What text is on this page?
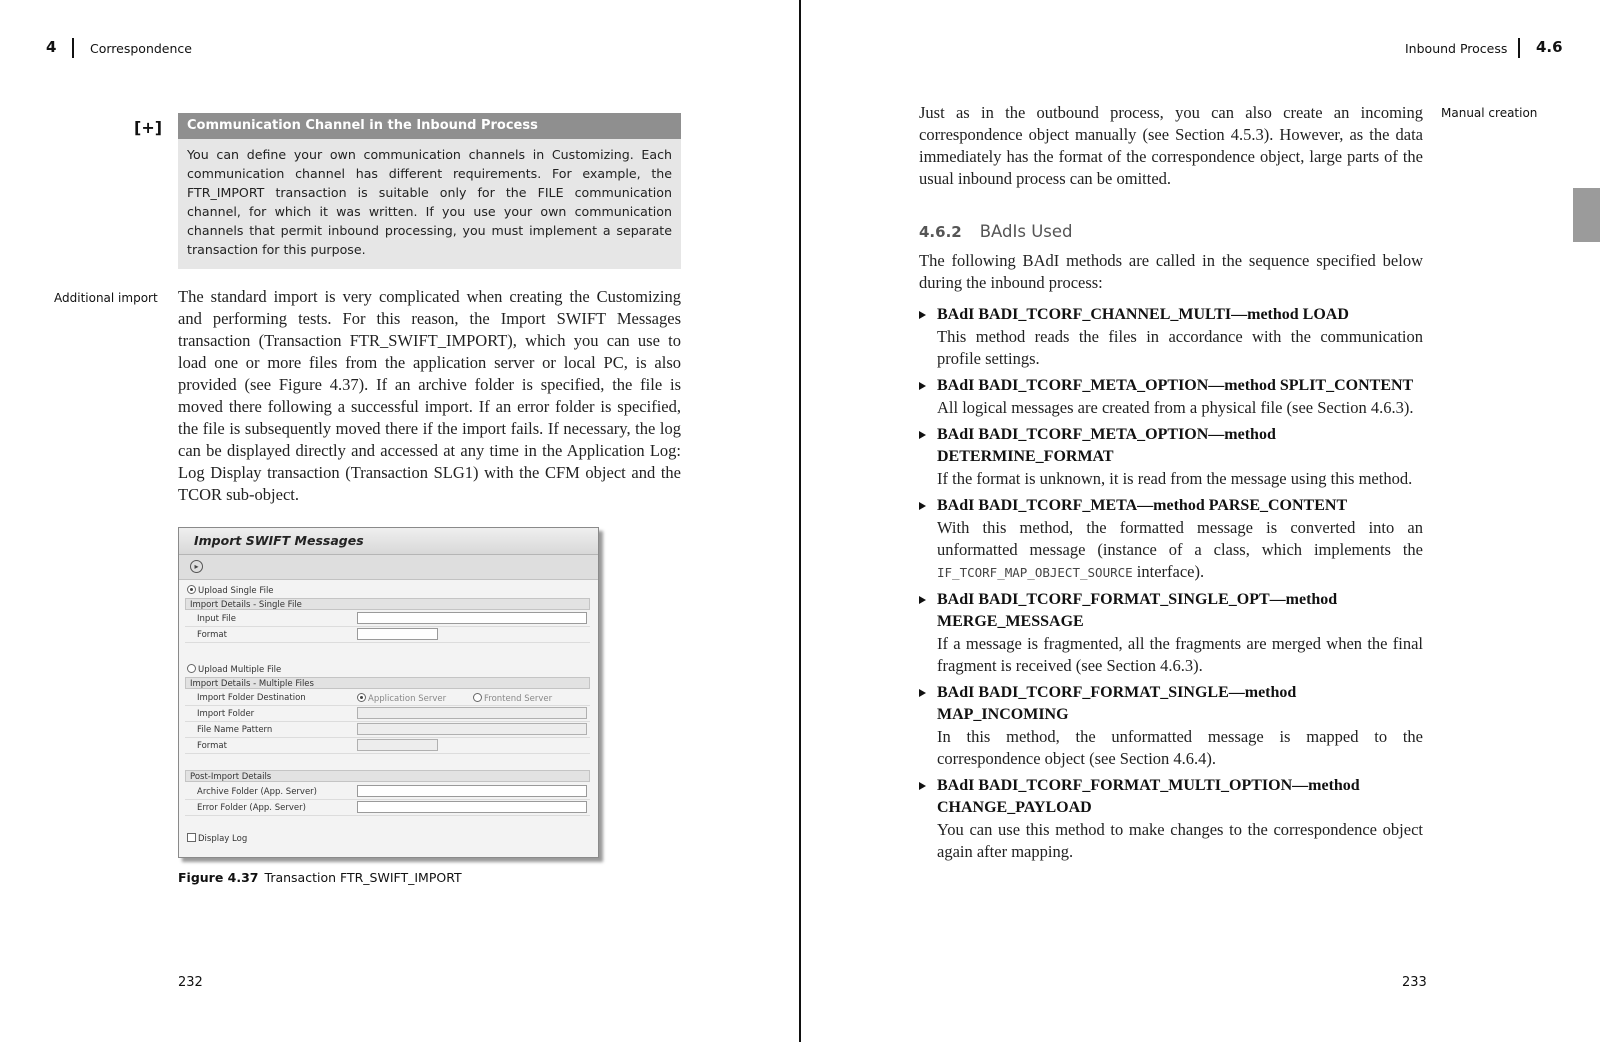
4	Correspondence
[+]	Communication Channel in the Inbound Process

You can define your own communication channels in Customizing. Each communication channel has different requirements. For example, the FTR_IMPORT transaction is suitable only for the FILE communication channel, for which it was written. If you use your own communication channels that permit inbound processing, you must implement a separate transaction for this purpose.

Additional import The standard import is very complicated when creating the Customizing and performing tests. For this reason, the Import SWIFT Messages transaction (Transaction FTR_SWIFT_IMPORT), which you can use to load one or more files from the application server or local PC, is also provided (see Figure 4.37). If an archive folder is specified, the file is moved there following a successful import. If an error folder is specified, the file is subsequently moved there if the import fails. If necessary, the log can be displayed directly and accessed at any time in the Application Log: Log Display transaction (Transaction SLG1) with the CFM object and the TCOR sub-object.

Import SWIFT Messages
▸
Upload Single File
Import Details - Single File
Input File
Format
Upload Multiple File
Import Details - Multiple Files
Import Folder Destination	Application Server	Frontend Server
Import Folder
File Name Pattern
Format
Post-Import Details
Archive Folder (App. Server)
Error Folder (App. Server)
Display Log
Figure 4.37 Transaction FTR_SWIFT_IMPORT
232
Inbound Process 4.6

Just as in the outbound process, you can also create an incoming correspondence object manually (see Section 4.5.3). However, as the data immediately has the format of the correspondence object, large parts of the usual inbound process can be omitted.

Manual creation
4.6.2 BAdIs Used

The following BAdI methods are called in the sequence specified below during the inbound process:

BAdI BADI_TCORF_CHANNEL_MULTI—method LOAD

This method reads the files in accordance with the communication profile settings.

BAdI BADI_TCORF_META_OPTION—method SPLIT_CONTENT

All logical messages are created from a physical file (see Section 4.6.3).

BAdI BADI_TCORF_META_OPTION—method DETERMINE_FORMAT

If the format is unknown, it is read from the message using this method.

BAdI BADI_TCORF_META—method PARSE_CONTENT

With this method, the formatted message is converted into an unformatted message (instance of a class, which implements the IF_TCORF_MAP_OBJECT_SOURCE interface).

BAdI BADI_TCORF_FORMAT_SINGLE_OPT—method MERGE_MESSAGE

If a message is fragmented, all the fragments are merged when the final fragment is received (see Section 4.6.3).

BAdI BADI_TCORF_FORMAT_SINGLE—method MAP_INCOMING

In this method, the unformatted message is mapped to the correspondence object (see Section 4.6.4).

BAdI BADI_TCORF_FORMAT_MULTI_OPTION—method CHANGE_PAYLOAD

You can use this method to make changes to the correspondence object again after mapping.

233
